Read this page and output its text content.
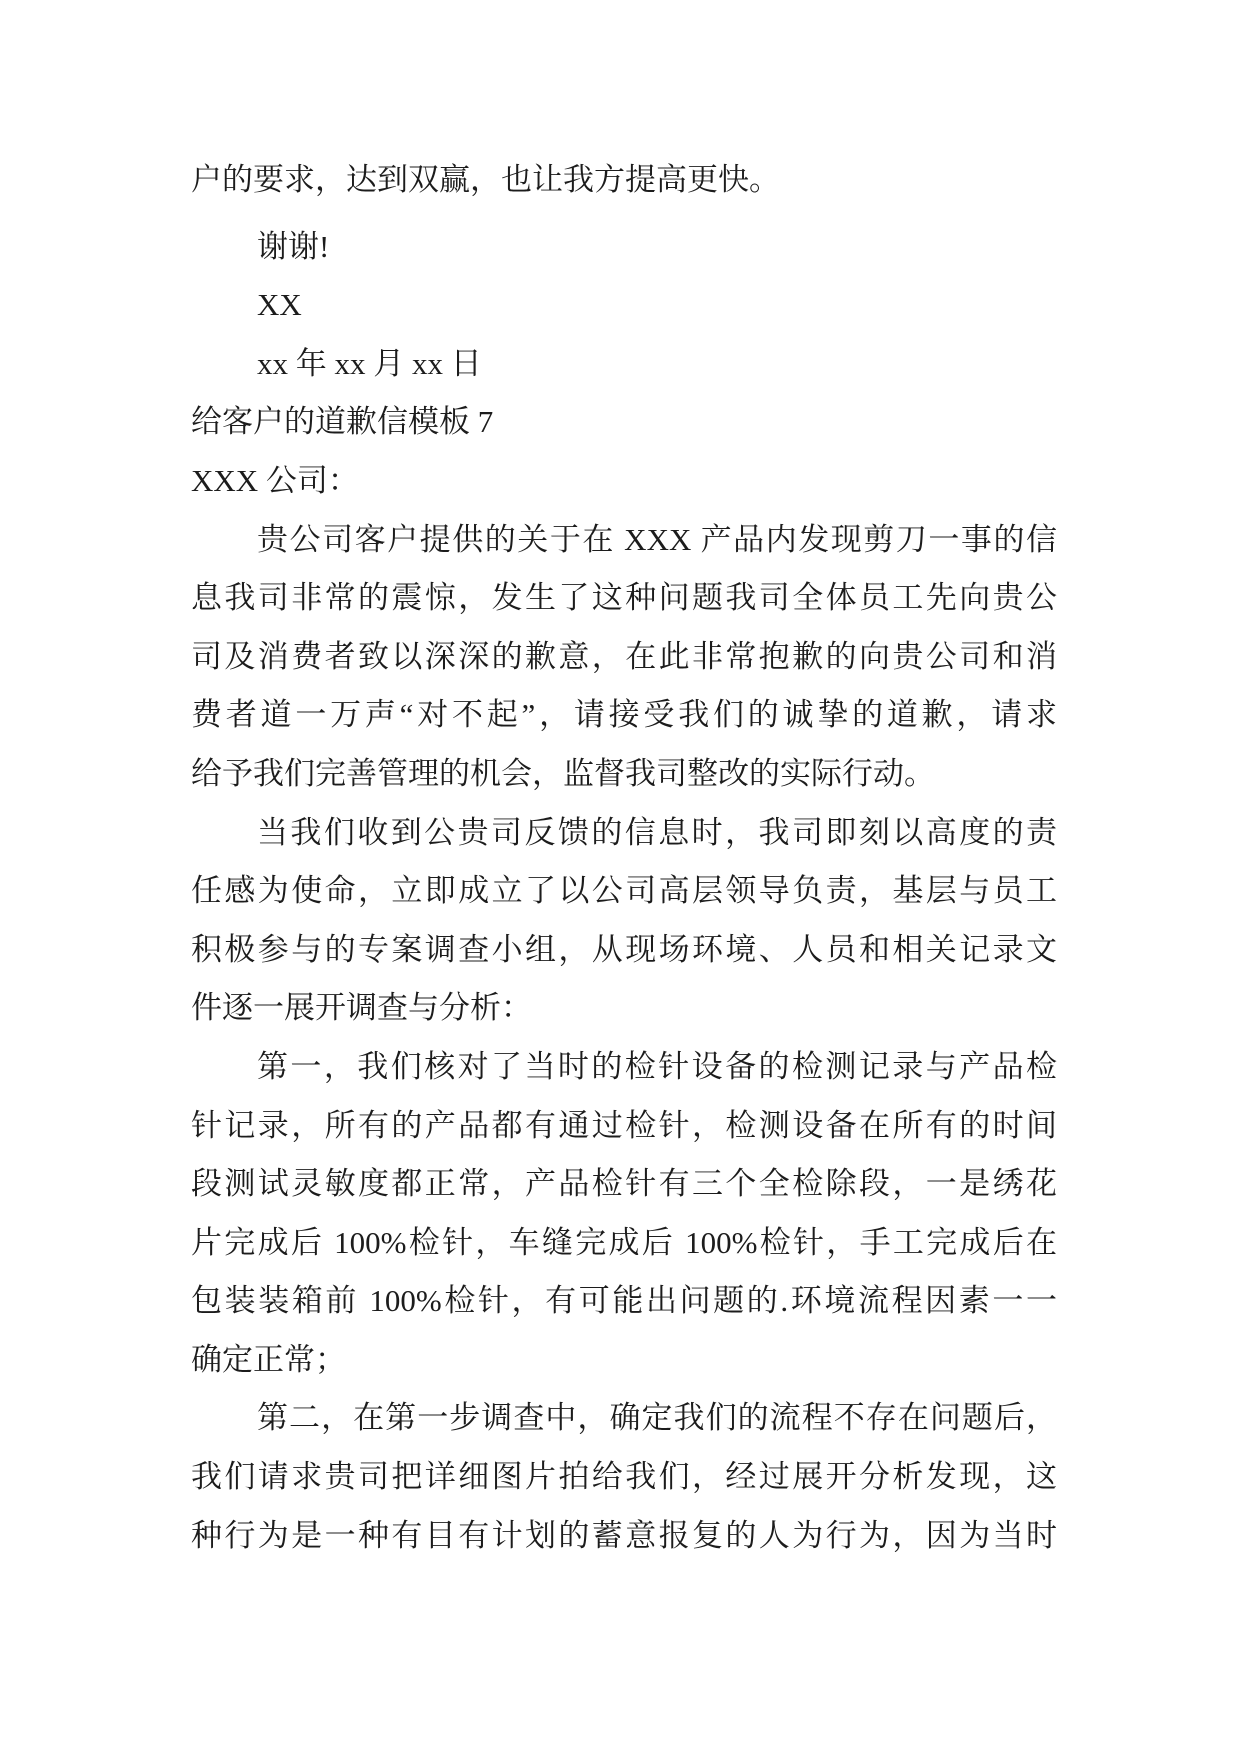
户的要求，达到双赢，也让我方提高更快。
谢谢!
XX
xx 年 xx 月 xx 日
给客户的道歉信模板 7
XXX 公司：
贵公司客户提供的关于在 XXX 产品内发现剪刀一事的信
息我司非常的震惊，发生了这种问题我司全体员工先向贵公
司及消费者致以深深的歉意，在此非常抱歉的向贵公司和消
费者道一万声“对不起”，请接受我们的诚挚的道歉，请求
给予我们完善管理的机会，监督我司整改的实际行动。
当我们收到公贵司反馈的信息时，我司即刻以高度的责
任感为使命，立即成立了以公司高层领导负责，基层与员工
积极参与的专案调查小组，从现场环境、人员和相关记录文
件逐一展开调查与分析：
第一，我们核对了当时的检针设备的检测记录与产品检
针记录，所有的产品都有通过检针，检测设备在所有的时间
段测试灵敏度都正常，产品检针有三个全检除段，一是绣花
片完成后 100%检针，车缝完成后 100%检针，手工完成后在
包装装箱前 100%检针，有可能出问题的.环境流程因素一一
确定正常；
第二，在第一步调查中，确定我们的流程不存在问题后，
我们请求贵司把详细图片拍给我们，经过展开分析发现，这
种行为是一种有目有计划的蓄意报复的人为行为，因为当时
